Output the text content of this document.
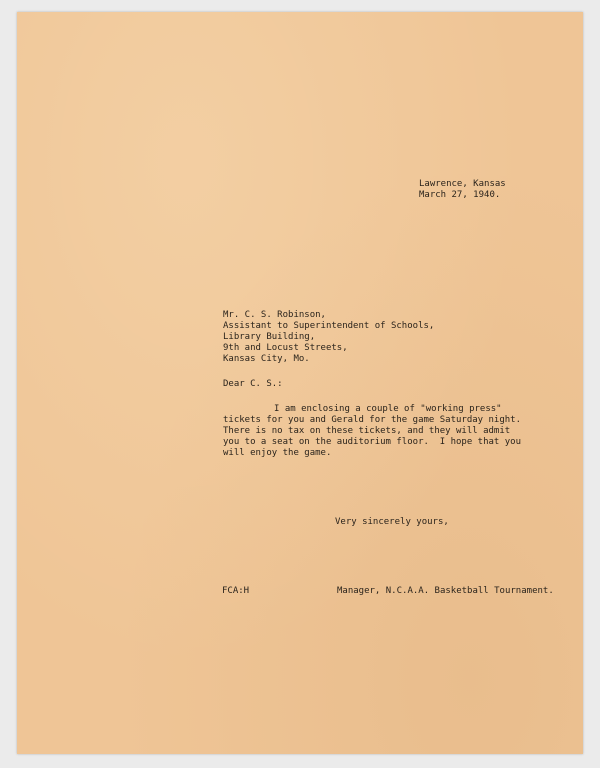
Lawrence, Kansas
March 27, 1940.
Mr. C. S. Robinson,
Assistant to Superintendent of Schools,
Library Building,
9th and Locust Streets,
Kansas City, Mo.
Dear C. S.:
I am enclosing a couple of "working press"
tickets for you and Gerald for the game Saturday night.
There is no tax on these tickets, and they will admit
you to a seat on the auditorium floor.  I hope that you
will enjoy the game.
Very sincerely yours,
FCA:H	Manager, N.C.A.A. Basketball Tournament.
